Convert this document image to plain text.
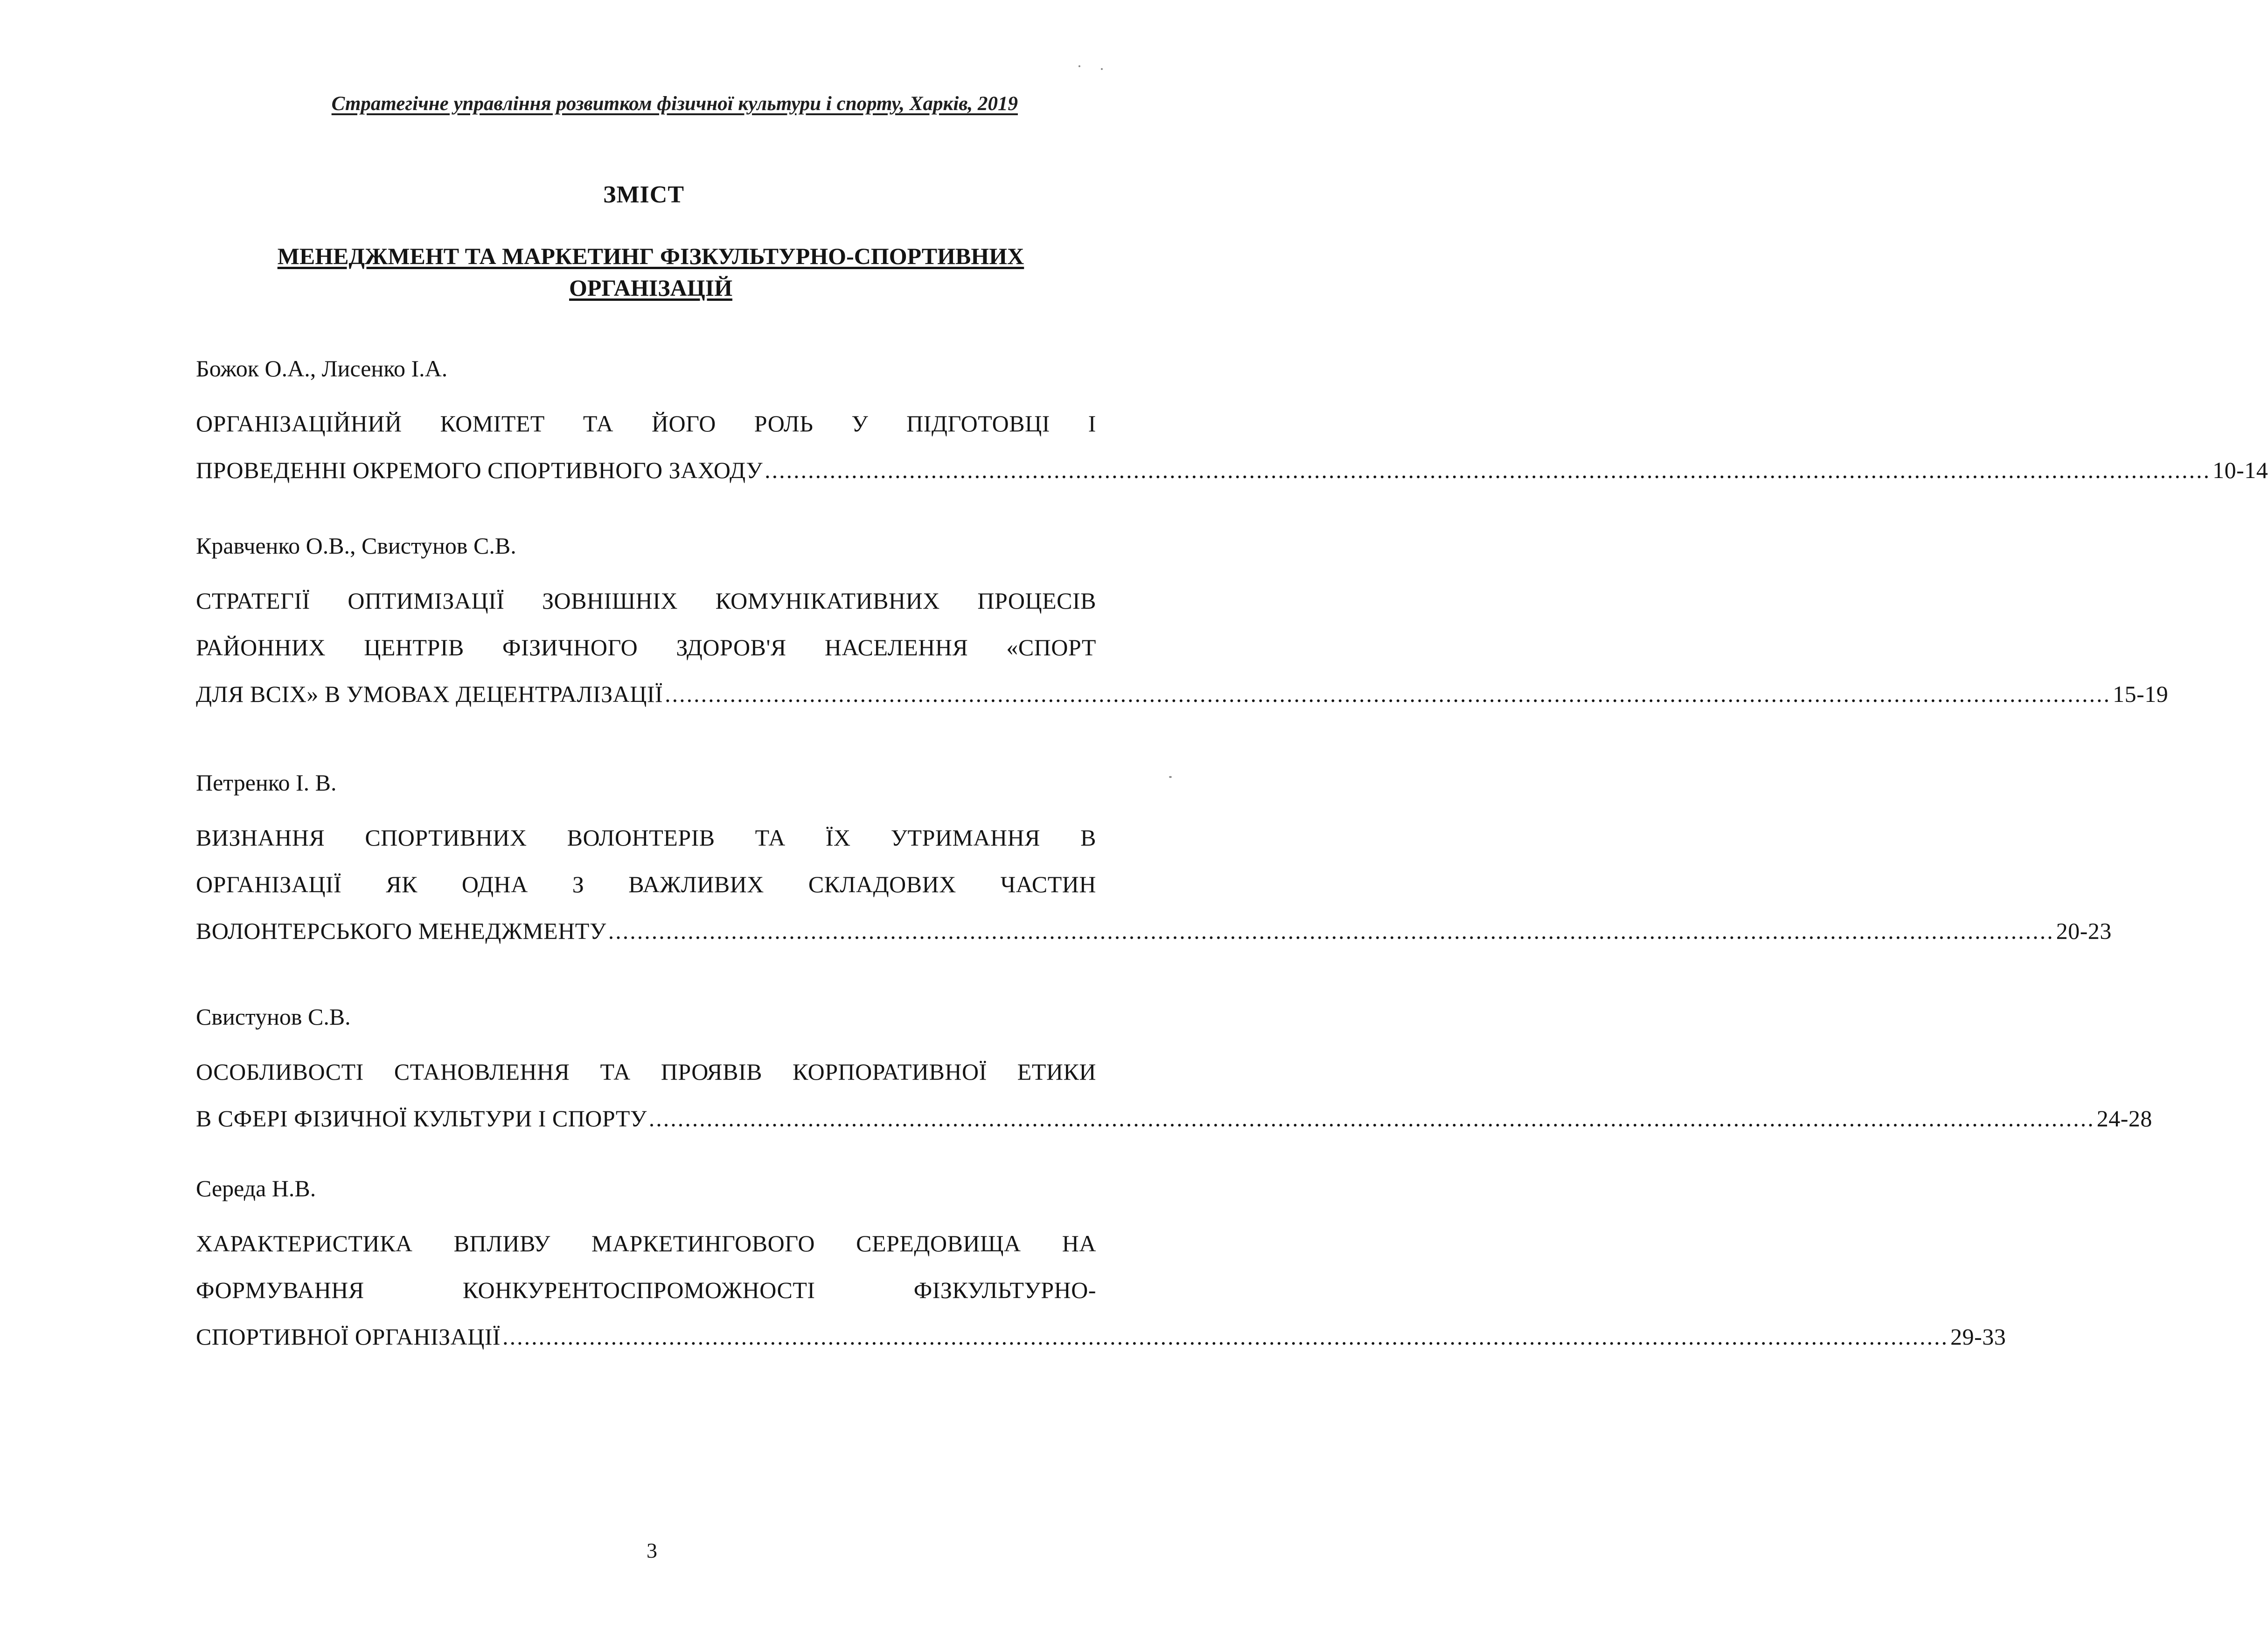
Стратегічне управління розвитком фізичної культури і спорту, Харків, 2019
ЗМІСТ
МЕНЕДЖМЕНТ ТА МАРКЕТИНГ ФІЗКУЛЬТУРНО-СПОРТИВНИХ
ОРГАНІЗАЦІЙ
Божок О.А., Лисенко І.А.
ОРГАНІЗАЦІЙНИЙ КОМІТЕТ ТА ЙОГО РОЛЬ У ПІДГОТОВЦІ І
ПРОВЕДЕННІ ОКРЕМОГО СПОРТИВНОГО ЗАХОДУ ........................................................................................................................................................................................................ 10-14
Кравченко О.В., Свистунов С.В.
СТРАТЕГІЇ ОПТИМІЗАЦІЇ ЗОВНІШНІХ КОМУНІКАТИВНИХ ПРОЦЕСІВ
РАЙОННИХ ЦЕНТРІВ ФІЗИЧНОГО ЗДОРОВ'Я НАСЕЛЕННЯ «СПОРТ
ДЛЯ ВСІХ» В УМОВАХ ДЕЦЕНТРАЛІЗАЦІЇ ........................................................................................................................................................................................................ 15-19
Петренко І. В.
ВИЗНАННЯ СПОРТИВНИХ ВОЛОНТЕРІВ ТА ЇХ УТРИМАННЯ В
ОРГАНІЗАЦІЇ ЯК ОДНА З ВАЖЛИВИХ СКЛАДОВИХ ЧАСТИН
ВОЛОНТЕРСЬКОГО МЕНЕДЖМЕНТУ ........................................................................................................................................................................................................ 20-23
Свистунов С.В.
ОСОБЛИВОСТІ СТАНОВЛЕННЯ ТА ПРОЯВІВ КОРПОРАТИВНОЇ ЕТИКИ
В СФЕРІ ФІЗИЧНОЇ КУЛЬТУРИ І СПОРТУ ........................................................................................................................................................................................................ 24-28
Середа Н.В.
ХАРАКТЕРИСТИКА ВПЛИВУ МАРКЕТИНГОВОГО СЕРЕДОВИЩА НА
ФОРМУВАННЯ	КОНКУРЕНТОСПРОМОЖНОСТІ	ФІЗКУЛЬТУРНО-
СПОРТИВНОЇ ОРГАНІЗАЦІЇ ........................................................................................................................................................................................................ 29-33
3
